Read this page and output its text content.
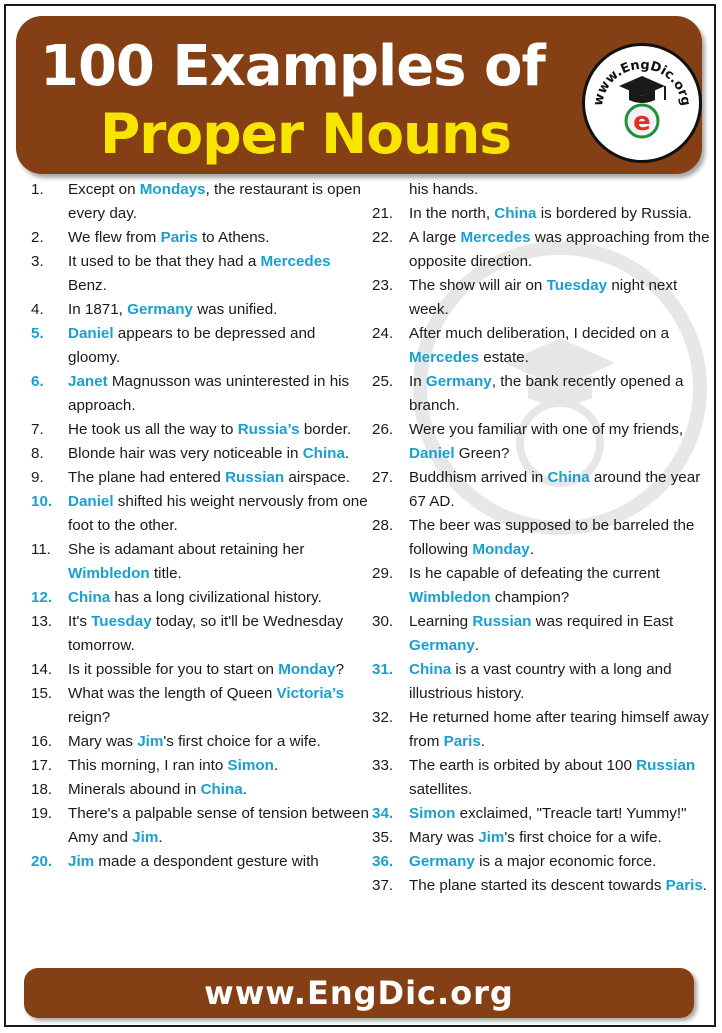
100 Examples of
Proper Nouns
www.EngDic.org
e
1.	Except on Mondays, the restaurant is open every day.
2.	We flew from Paris to Athens.
3.	It used to be that they had a Mercedes Benz.
4.	In 1871, Germany was unified.
5.	Daniel appears to be depressed and gloomy.
6.	Janet Magnusson was uninterested in his approach.
7.	He took us all the way to Russia’s border.
8.	Blonde hair was very noticeable in China.
9.	The plane had entered Russian airspace.
10.	Daniel shifted his weight nervously from one foot to the other.
11.	She is adamant about retaining her Wimbledon title.
12.	China has a long civilizational history.
13.	It's Tuesday today, so it'll be Wednesday tomorrow.
14.	Is it possible for you to start on Monday?
15.	What was the length of Queen Victoria’s reign?
16.	Mary was Jim's first choice for a wife.
17.	This morning, I ran into Simon.
18.	Minerals abound in China.
19.	There's a palpable sense of tension between Amy and Jim.
20.	Jim made a despondent gesture with
his hands.
21.	In the north, China is bordered by Russia.
22.	A large Mercedes was approaching from the opposite direction.
23.	The show will air on Tuesday night next week.
24.	After much deliberation, I decided on a Mercedes estate.
25.	In Germany, the bank recently opened a branch.
26.	Were you familiar with one of my friends, Daniel Green?
27.	Buddhism arrived in China around the year 67 AD.
28.	The beer was supposed to be barreled the following Monday.
29.	Is he capable of defeating the current Wimbledon champion?
30.	Learning Russian was required in East Germany.
31.	China is a vast country with a long and illustrious history.
32.	He returned home after tearing himself away from Paris.
33.	The earth is orbited by about 100 Russian satellites.
34.	Simon exclaimed, "Treacle tart! Yummy!"
35.	Mary was Jim's first choice for a wife.
36.	Germany is a major economic force.
37.	The plane started its descent towards Paris.
www.EngDic.org
